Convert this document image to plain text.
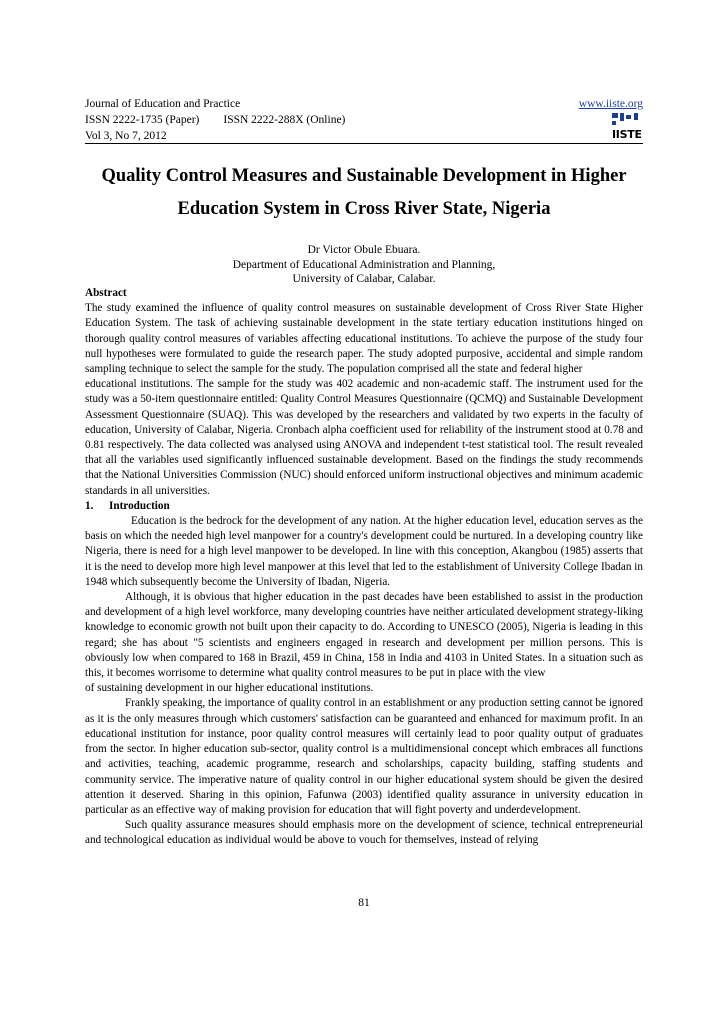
Journal of Education and Practice	www.iiste.org
ISSN 2222-1735 (Paper) ISSN 2222-288X (Online)
Vol 3, No 7, 2012	IISTE
Quality Control Measures and Sustainable Development in Higher
Education System in Cross River State, Nigeria
Dr Victor Obule Ebuara.
Department of Educational Administration and Planning,
University of Calabar, Calabar.

Abstract

The study examined the influence of quality control measures on sustainable development of Cross River State Higher Education System. The task of achieving sustainable development in the state tertiary education institutions hinged on thorough quality control measures of variables affecting educational institutions. To achieve the purpose of the study four null hypotheses were formulated to guide the research paper. The study adopted purposive, accidental and simple random sampling technique to select the sample for the study. The population comprised all the state and federal higher

educational institutions. The sample for the study was 402 academic and non-academic staff. The instrument used for the study was a 50-item questionnaire entitled: Quality Control Measures Questionnaire (QCMQ) and Sustainable Development Assessment Questionnaire (SUAQ). This was developed by the researchers and validated by two experts in the faculty of education, University of Calabar, Nigeria. Cronbach alpha coefficient used for reliability of the instrument stood at 0.78 and 0.81 respectively. The data collected was analysed using ANOVA and independent t-test statistical tool. The result revealed that all the variables used significantly influenced sustainable development. Based on the findings the study recommends that the National Universities Commission (NUC) should enforced uniform instructional objectives and minimum academic standards in all universities.

1. Introduction

Education is the bedrock for the development of any nation. At the higher education level, education serves as the basis on which the needed high level manpower for a country's development could be nurtured. In a developing country like Nigeria, there is need for a high level manpower to be developed. In line with this conception, Akangbou (1985) asserts that it is the need to develop more high level manpower at this level that led to the establishment of University College Ibadan in 1948 which subsequently become the University of Ibadan, Nigeria.

Although, it is obvious that higher education in the past decades have been established to assist in the production and development of a high level workforce, many developing countries have neither articulated development strategy-liking knowledge to economic growth not built upon their capacity to do. According to UNESCO (2005), Nigeria is leading in this regard; she has about "5 scientists and engineers engaged in research and development per million persons. This is obviously low when compared to 168 in Brazil, 459 in China, 158 in India and 4103 in United States. In a situation such as this, it becomes worrisome to determine what quality control measures to be put in place with the view

of sustaining development in our higher educational institutions.

Frankly speaking, the importance of quality control in an establishment or any production setting cannot be ignored as it is the only measures through which customers' satisfaction can be guaranteed and enhanced for maximum profit. In an educational institution for instance, poor quality control measures will certainly lead to poor quality output of graduates from the sector. In higher education sub-sector, quality control is a multidimensional concept which embraces all functions and activities, teaching, academic programme, research and scholarships, capacity building, staffing students and community service. The imperative nature of quality control in our higher educational system should be given the desired attention it deserved. Sharing in this opinion, Fafunwa (2003) identified quality assurance in university education in particular as an effective way of making provision for education that will fight poverty and underdevelopment.

Such quality assurance measures should emphasis more on the development of science, technical entrepreneurial and technological education as individual would be above to vouch for themselves, instead of relying

81
